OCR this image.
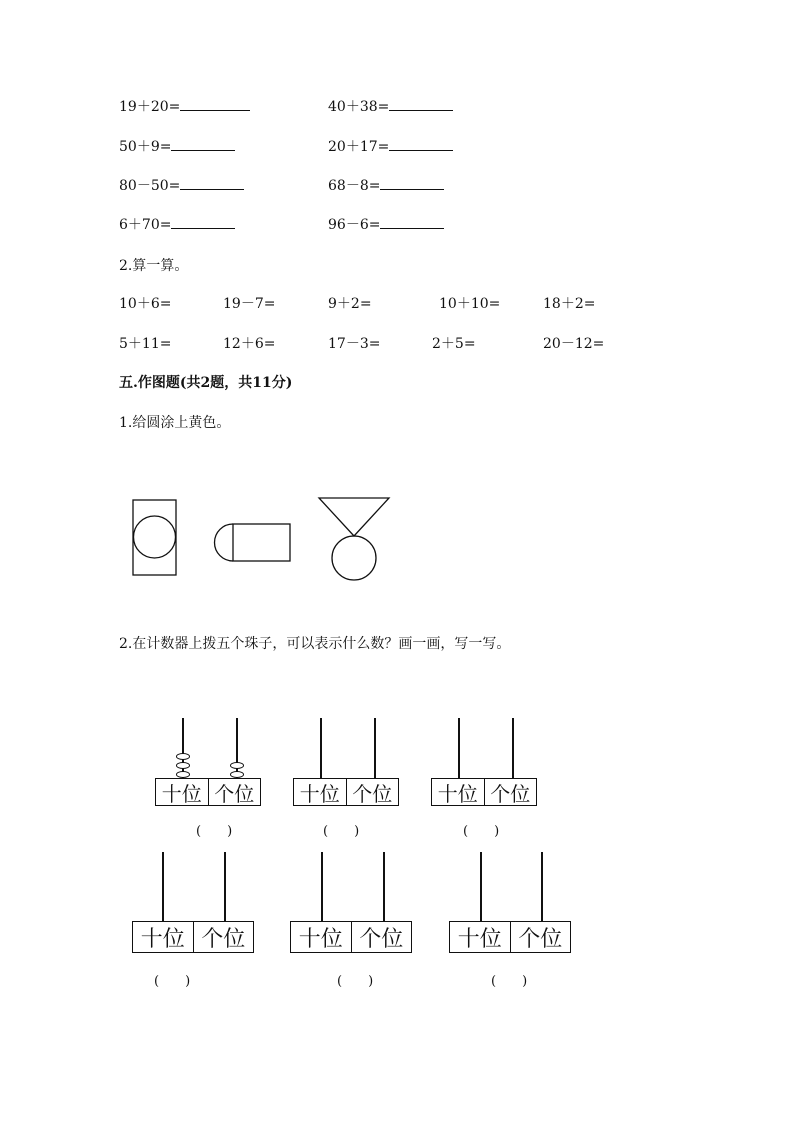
19＋20=	40＋38=
50＋9=	20＋17=
80－50=	68－8=
6＋70=	96－6=
2.算一算。
10＋6=	19－7=	9＋2=	10＋10=	18＋2=
5＋11=	12＋6=	17－3=	2＋5=	20－12=
五.作图题(共2题，共11分)
1.给圆涂上黄色。
2.在计数器上拨五个珠子，可以表示什么数？画一画，写一写。
十位 个位
(　　)
十位 个位
(　　)
十位 个位
(　　)
十位 个位
(　　)
十位 个位
(　　)
十位 个位
(　　)
